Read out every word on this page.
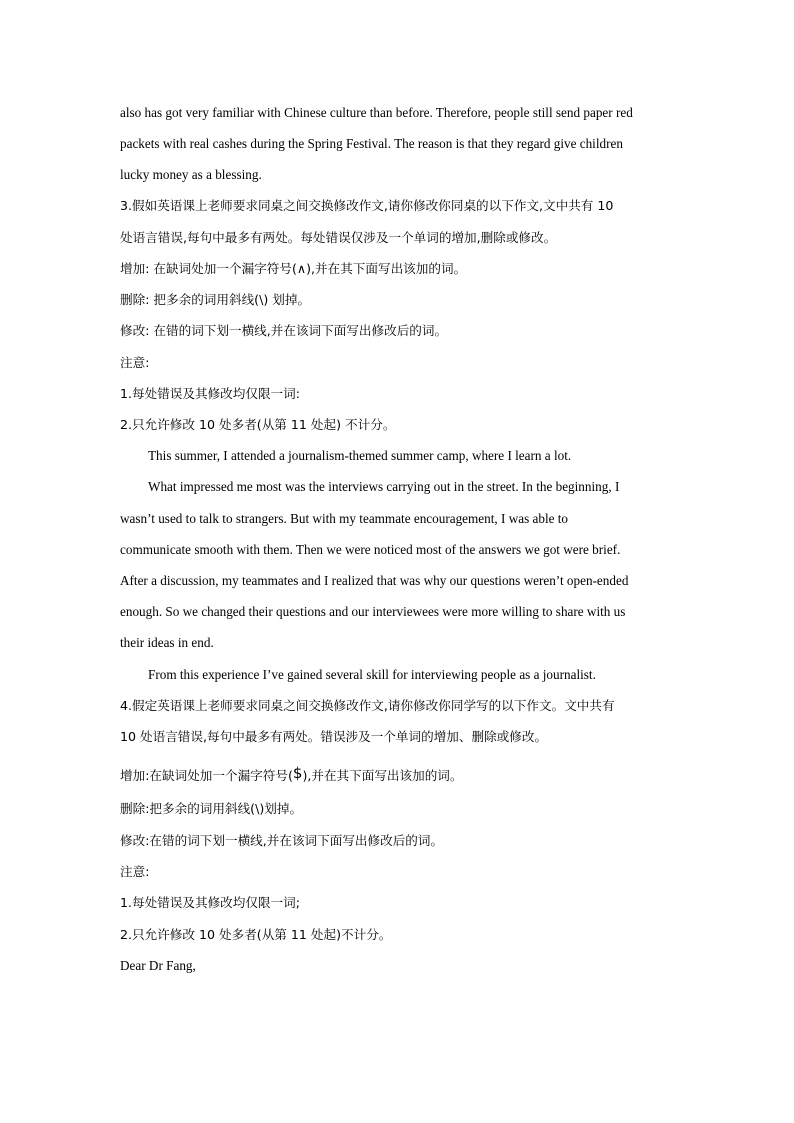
also has got very familiar with Chinese culture than before. Therefore, people still send paper red
packets with real cashes during the Spring Festival. The reason is that they regard give children
lucky money as a blessing.
3.假如英语课上老师要求同桌之间交换修改作文,请你修改你同桌的以下作文,文中共有 10
处语言错误,每句中最多有两处。每处错误仅涉及一个单词的增加,删除或修改。
增加: 在缺词处加一个漏字符号(∧),并在其下面写出该加的词。
删除: 把多余的词用斜线(\) 划掉。
修改: 在错的词下划一横线,并在该词下面写出修改后的词。
注意:
1.每处错误及其修改均仅限一词:
2.只允许修改 10 处多者(从第 11 处起) 不计分。
This summer, I attended a journalism-themed summer camp, where I learn a lot.
What impressed me most was the interviews carrying out in the street. In the beginning, I
wasn’t used to talk to strangers. But with my teammate encouragement, I was able to
communicate smooth with them. Then we were noticed most of the answers we got were brief.
After a discussion, my teammates and I realized that was why our questions weren’t open-ended
enough. So we changed their questions and our interviewees were more willing to share with us
their ideas in end.
From this experience I’ve gained several skill for interviewing people as a journalist.
4.假定英语课上老师要求同桌之间交换修改作文,请你修改你同学写的以下作文。文中共有
10 处语言错误,每句中最多有两处。错误涉及一个单词的增加、删除或修改。
增加:在缺词处加一个漏字符号($),并在其下面写出该加的词。
删除:把多余的词用斜线(\)划掉。
修改:在错的词下划一横线,并在该词下面写出修改后的词。
注意:
1.每处错误及其修改均仅限一词;
2.只允许修改 10 处多者(从第 11 处起)不计分。
Dear Dr Fang,
